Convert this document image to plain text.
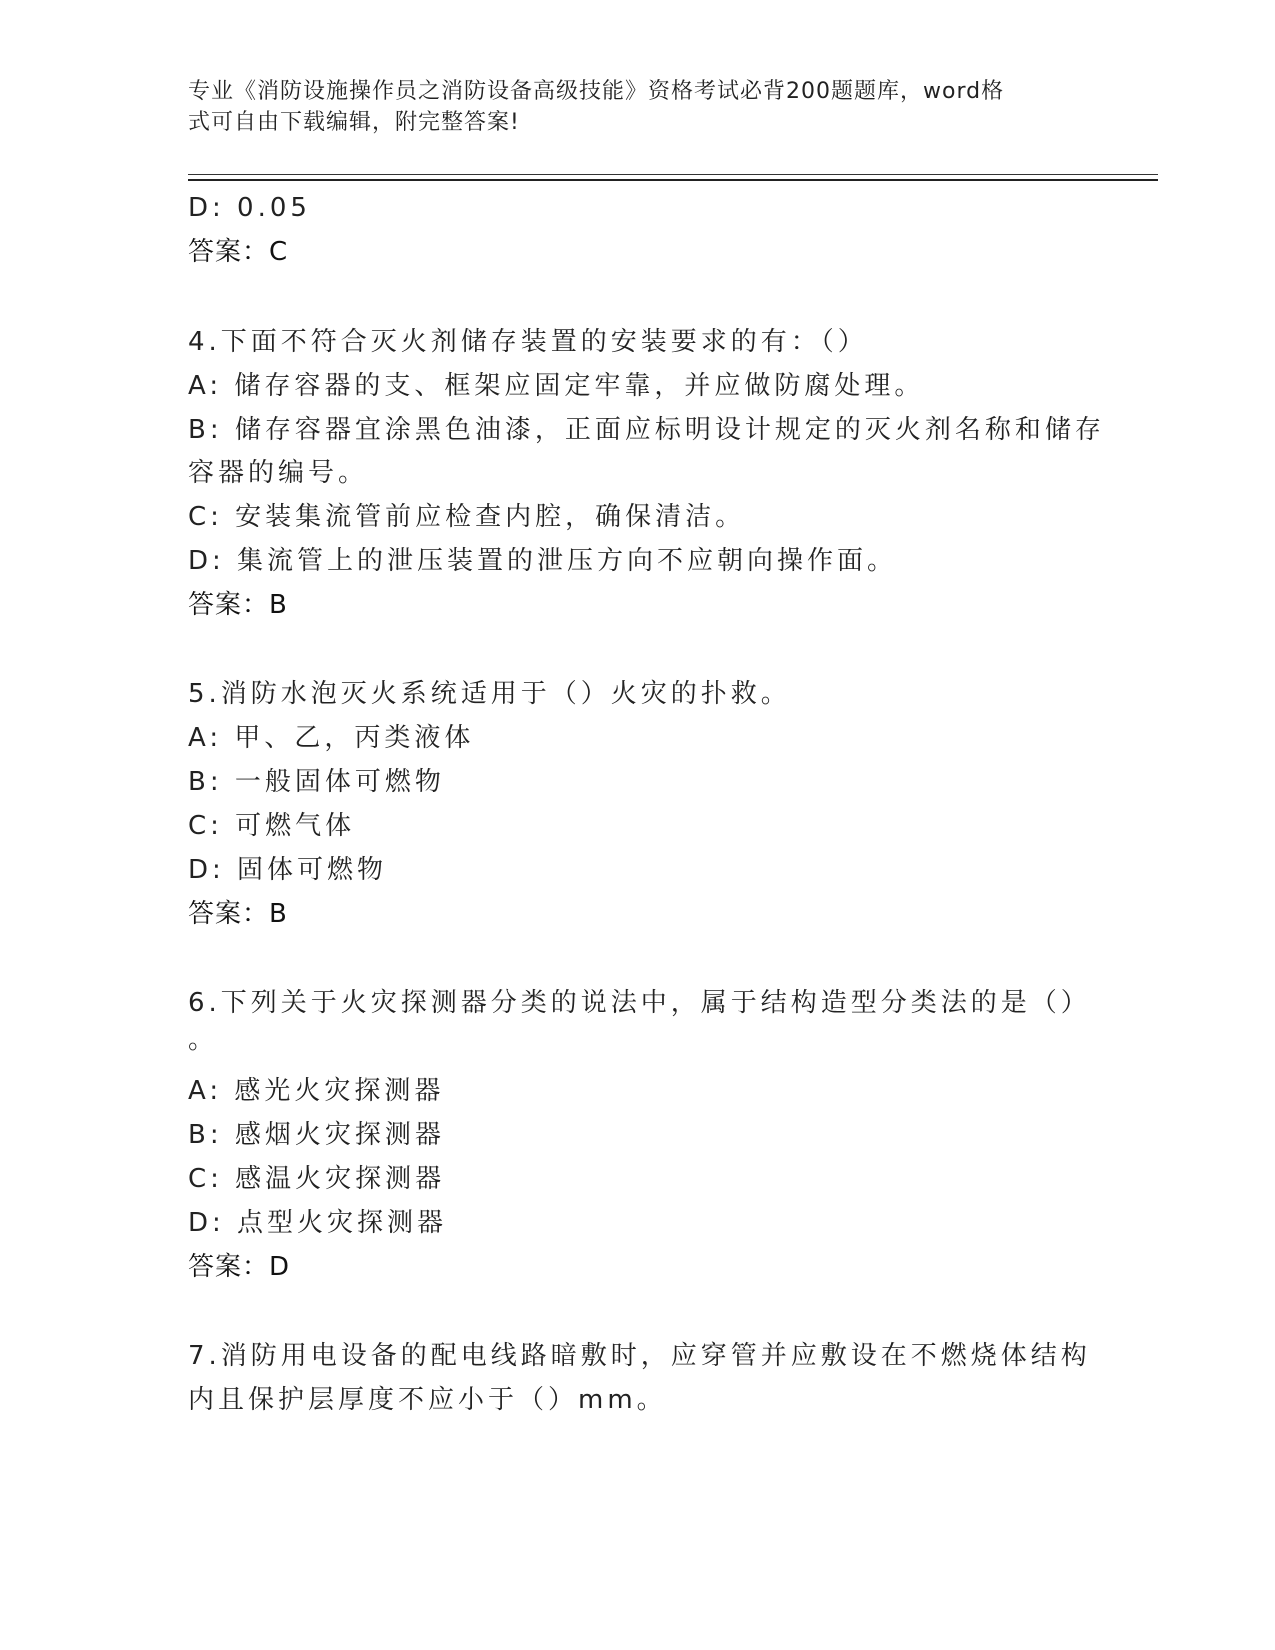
专业《消防设施操作员之消防设备高级技能》资格考试必背200题题库，word格
式可自由下载编辑，附完整答案!
D: 0.05
答案：C
4.下面不符合灭火剂储存装置的安装要求的有：（）
A: 储存容器的支、框架应固定牢靠，并应做防腐处理。
B: 储存容器宜涂黑色油漆，正面应标明设计规定的灭火剂名称和储存
容器的编号。
C: 安装集流管前应检查内腔，确保清洁。
D: 集流管上的泄压装置的泄压方向不应朝向操作面。
答案：B
5.消防水泡灭火系统适用于（）火灾的扑救。
A: 甲、乙，丙类液体
B: 一般固体可燃物
C: 可燃气体
D: 固体可燃物
答案：B
6.下列关于火灾探测器分类的说法中，属于结构造型分类法的是（）
。
A: 感光火灾探测器
B: 感烟火灾探测器
C: 感温火灾探测器
D: 点型火灾探测器
答案：D
7.消防用电设备的配电线路暗敷时，应穿管并应敷设在不燃烧体结构
内且保护层厚度不应小于（）mm。
